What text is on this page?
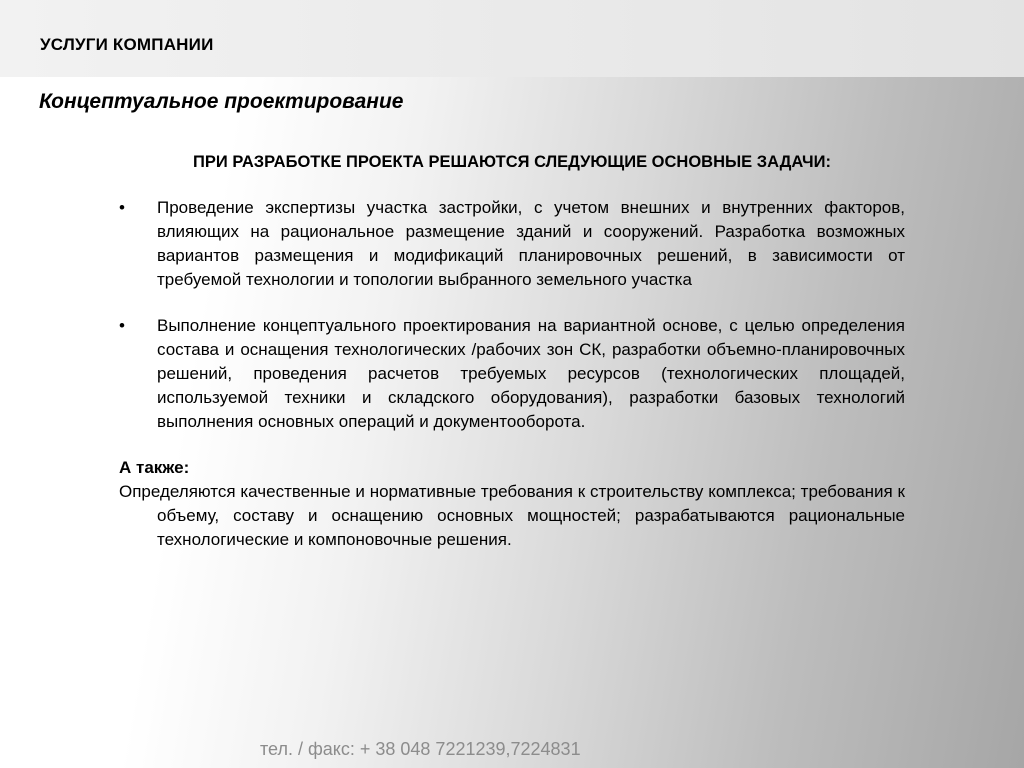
УСЛУГИ КОМПАНИИ
Концептуальное проектирование
ПРИ РАЗРАБОТКЕ ПРОЕКТА РЕШАЮТСЯ СЛЕДУЮЩИЕ ОСНОВНЫЕ ЗАДАЧИ:
• Проведение экспертизы участка застройки, с учетом внешних и внутренних факторов, влияющих на рациональное размещение зданий и сооружений. Разработка возможных вариантов размещения и модификаций планировочных решений, в зависимости от требуемой технологии и топологии выбранного земельного участка
• Выполнение концептуального проектирования на вариантной основе, с целью определения состава и оснащения технологических /рабочих зон СК, разработки объемно-планировочных решений, проведения расчетов требуемых ресурсов (технологических площадей, используемой техники и складского оборудования), разработки базовых технологий выполнения основных операций и документооборота.
А также:
Определяются качественные и нормативные требования к строительству комплекса; требования к объему, составу и оснащению основных мощностей; разрабатываются рациональные технологические и компоновочные решения.
тел. / факс: + 38 048 7221239,7224831
